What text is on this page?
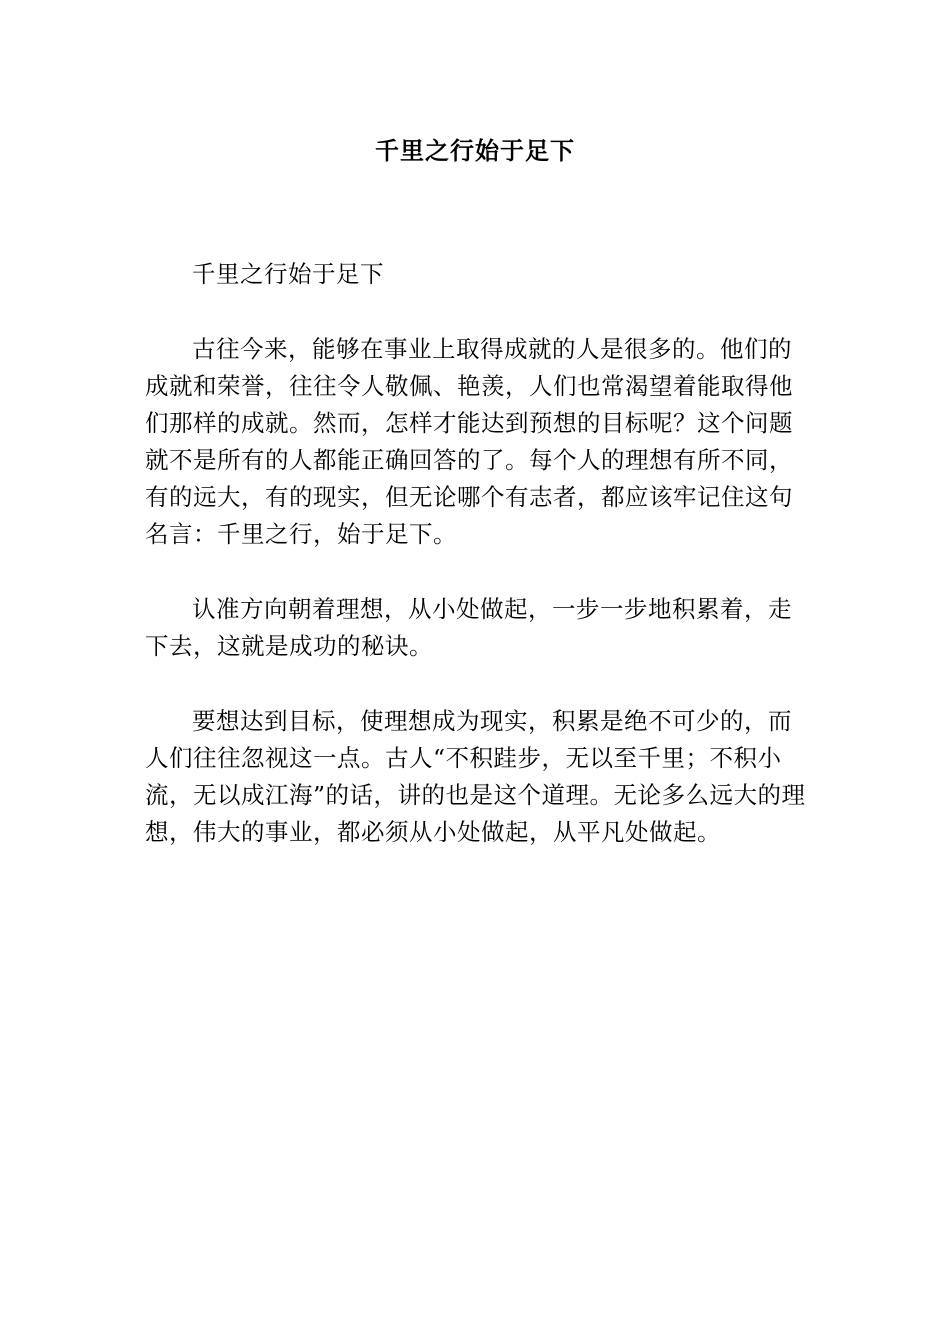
千里之行始于足下

千里之行始于足下

古往今来，能够在事业上取得成就的人是很多的。他们的成就和荣誉，往往令人敬佩、艳羡，人们也常渴望着能取得他们那样的成就。然而，怎样才能达到预想的目标呢？这个问题就不是所有的人都能正确回答的了。每个人的理想有所不同，有的远大，有的现实，但无论哪个有志者，都应该牢记住这句名言：千里之行，始于足下。

认准方向朝着理想，从小处做起，一步一步地积累着，走下去，这就是成功的秘诀。

要想达到目标，使理想成为现实，积累是绝不可少的，而人们往往忽视这一点。古人“不积跬步，无以至千里；不积小流，无以成江海”的话，讲的也是这个道理。无论多么远大的理想，伟大的事业，都必须从小处做起，从平凡处做起。
